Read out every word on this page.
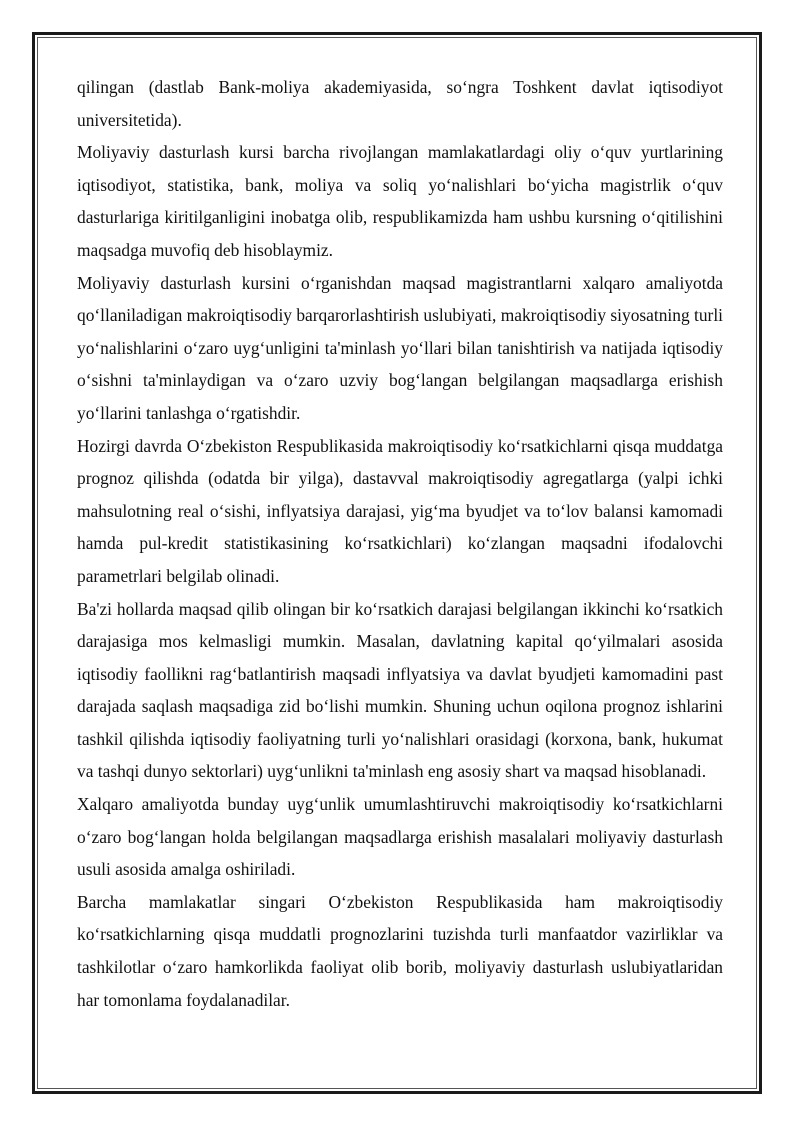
qilingan (dastlab Bank-moliya akademiyasida, so‘ngra Toshkent davlat iqtisodiyot universitetida).

Moliyaviy dasturlash kursi barcha rivojlangan mamlakatlardagi oliy o‘quv yurtlarining iqtisodiyot, statistika, bank, moliya va soliq yo‘nalishlari bo‘yicha magistrlik o‘quv dasturlariga kiritilganligini inobatga olib, respublikamizda ham ushbu kursning o‘qitilishini maqsadga muvofiq deb hisoblaymiz.

Moliyaviy dasturlash kursini o‘rganishdan maqsad magistrantlarni xalqaro amaliyotda qo‘llaniladigan makroiqtisodiy barqarorlashtirish uslubiyati, makroiqtisodiy siyosatning turli yo‘nalishlarini o‘zaro uyg‘unligini ta'minlash yo‘llari bilan tanishtirish va natijada iqtisodiy o‘sishni ta'minlaydigan va o‘zaro uzviy bog‘langan belgilangan maqsadlarga erishish yo‘llarini tanlashga o‘rgatishdir.

Hozirgi davrda O‘zbekiston Respublikasida makroiqtisodiy ko‘rsatkichlarni qisqa muddatga prognoz qilishda (odatda bir yilga), dastavval makroiqtisodiy agregatlarga (yalpi ichki mahsulotning real o‘sishi, inflyatsiya darajasi, yig‘ma byudjet va to‘lov balansi kamomadi hamda pul-kredit statistikasining ko‘rsatkichlari) ko‘zlangan maqsadni ifodalovchi parametrlari belgilab olinadi.

Ba'zi hollarda maqsad qilib olingan bir ko‘rsatkich darajasi belgilangan ikkinchi ko‘rsatkich darajasiga mos kelmasligi mumkin. Masalan, davlatning kapital qo‘yilmalari asosida iqtisodiy faollikni rag‘batlantirish maqsadi inflyatsiya va davlat byudjeti kamomadini past darajada saqlash maqsadiga zid bo‘lishi mumkin. Shuning uchun oqilona prognoz ishlarini tashkil qilishda iqtisodiy faoliyatning turli yo‘nalishlari orasidagi (korxona, bank, hukumat va tashqi dunyo sektorlari) uyg‘unlikni ta'minlash eng asosiy shart va maqsad hisoblanadi.

Xalqaro amaliyotda bunday uyg‘unlik umumlashtiruvchi makroiqtisodiy ko‘rsatkichlarni o‘zaro bog‘langan holda belgilangan maqsadlarga erishish masalalari moliyaviy dasturlash usuli asosida amalga oshiriladi.

Barcha mamlakatlar singari O‘zbekiston Respublikasida ham makroiqtisodiy ko‘rsatkichlarning qisqa muddatli prognozlarini tuzishda turli manfaatdor vazirliklar va tashkilotlar o‘zaro hamkorlikda faoliyat olib borib, moliyaviy dasturlash uslubiyatlaridan har tomonlama foydalanadilar.
